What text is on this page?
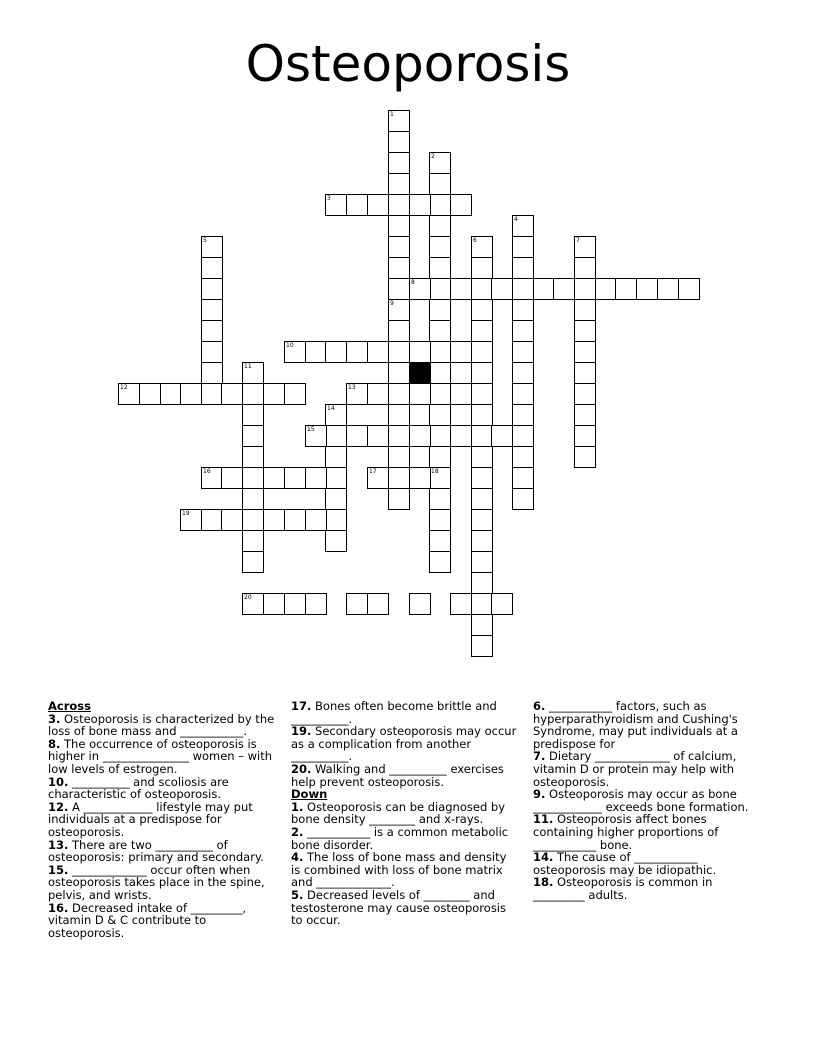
Osteoporosis
1
2
3
4
5	6	7
8
9
10
11
12	13
14
15
16	17	18
19
20
Across

3. Osteoporosis is characterized by the loss of bone mass and ___________.

8. The occurrence of osteoporosis is higher in _______________ women – with low levels of estrogen.

10. __________ and scoliosis are characteristic of osteoporosis.

12. A ____________ lifestyle may put individuals at a predispose for osteoporosis.

13. There are two __________ of osteoporosis: primary and secondary.

15. _____________ occur often when osteoporosis takes place in the spine, pelvis, and wrists.

16. Decreased intake of _________, vitamin D & C contribute to osteoporosis.

17. Bones often become brittle and __________.

19. Secondary osteoporosis may occur as a complication from another __________.

20. Walking and __________ exercises help prevent osteoporosis.

Down

1. Osteoporosis can be diagnosed by bone density ________ and x-rays.

2. ___________ is a common metabolic bone disorder.

4. The loss of bone mass and density is combined with loss of bone matrix and _____________.

5. Decreased levels of ________ and testosterone may cause osteoporosis to occur.

6. ___________ factors, such as hyperparathyroidism and Cushing's Syndrome, may put individuals at a predispose for

7. Dietary _____________ of calcium, vitamin D or protein may help with osteoporosis.

9. Osteoporosis may occur as bone ____________ exceeds bone formation.

11. Osteoporosis affect bones containing higher proportions of ___________ bone.

14. The cause of ___________ osteoporosis may be idiopathic.

18. Osteoporosis is common in _________ adults.
